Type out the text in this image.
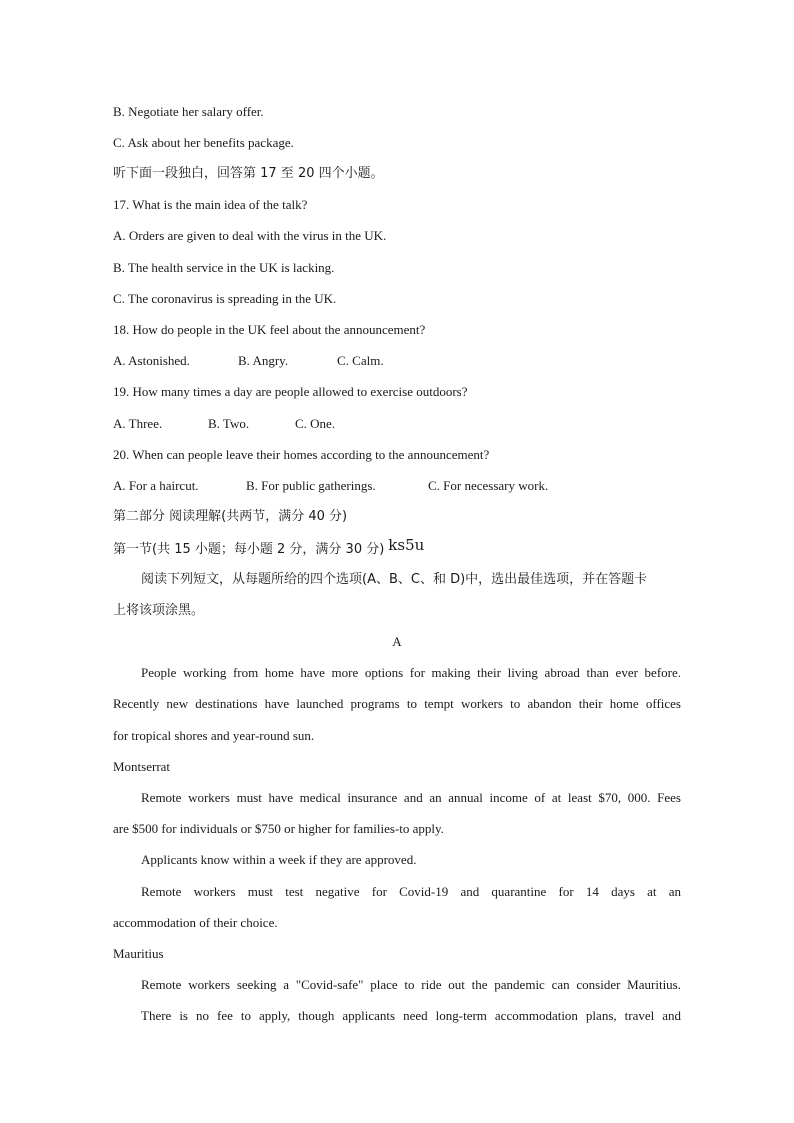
B. Negotiate her salary offer.
C. Ask about her benefits package.
听下面一段独白，回答第 17 至 20 四个小题。
17. What is the main idea of the talk?
A. Orders are given to deal with the virus in the UK.
B. The health service in the UK is lacking.
C. The coronavirus is spreading in the UK.
18. How do people in the UK feel about the announcement?
A. Astonished.	B. Angry.	C. Calm.
19. How many times a day are people allowed to exercise outdoors?
A. Three.	B. Two.	C. One.
20. When can people leave their homes according to the announcement?
A. For a haircut.	B. For public gatherings.	C. For necessary work.
第二部分 阅读理解(共两节，满分 40 分)
第一节(共 15 小题；每小题 2 分，满分 30 分) ks5u
阅读下列短文，从每题所给的四个选项(A、B、C、和 D)中，选出最佳选项，并在答题卡
上将该项涂黑。
A
People working from home have more options for making their living abroad than ever before.
Recently new destinations have launched programs to tempt workers to abandon their home offices
for tropical shores and year-round sun.
Montserrat
Remote workers must have medical insurance and an annual income of at least $70, 000. Fees
are $500 for individuals or $750 or higher for families-to apply.
Applicants know within a week if they are approved.
Remote workers must test negative for Covid-19 and quarantine for 14 days at an
accommodation of their choice.
Mauritius
Remote workers seeking a "Covid-safe" place to ride out the pandemic can consider Mauritius.
There is no fee to apply, though applicants need long-term accommodation plans, travel and
